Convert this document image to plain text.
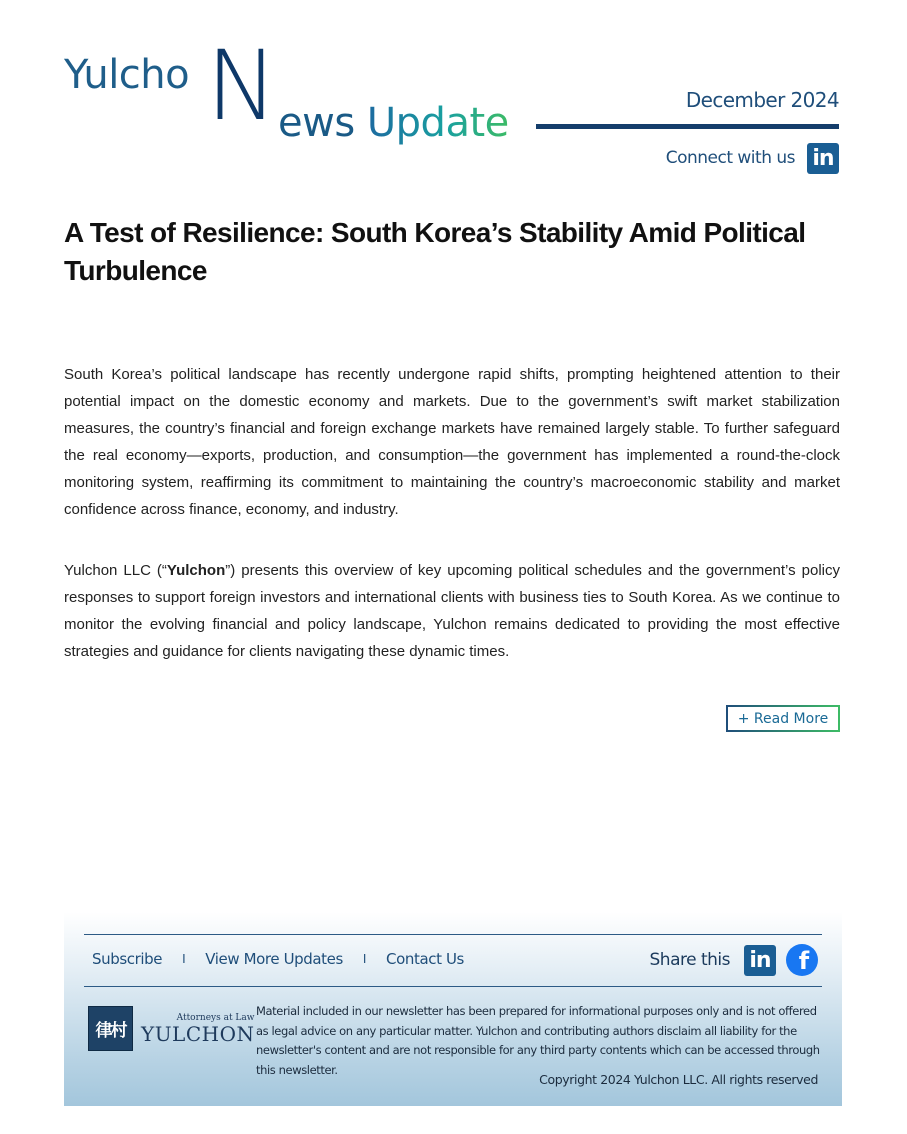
Yulcho N ews Update	December 2024
Connect with us in
A Test of Resilience: South Korea’s Stability Amid Political Turbulence

South Korea’s political landscape has recently undergone rapid shifts, prompting heightened attention to their potential impact on the domestic economy and markets. Due to the government’s swift market stabilization measures, the country’s financial and foreign exchange markets have remained largely stable. To further safeguard the real economy—exports, production, and consumption—the government has implemented a round-the-clock monitoring system, reaffirming its commitment to maintaining the country’s macroeconomic stability and market confidence across finance, economy, and industry.

Yulchon LLC (“Yulchon”) presents this overview of key upcoming political schedules and the government’s policy responses to support foreign investors and international clients with business ties to South Korea. As we continue to monitor the evolving financial and policy landscape, Yulchon remains dedicated to providing the most effective strategies and guidance for clients navigating these dynamic times.

+ Read More
Subscribe I View More Updates I Contact Us	Share this in f
律村
Attorneys at Law
YULCHON

Material included in our newsletter has been prepared for informational purposes only and is not offered as legal advice on any particular matter. Yulchon and contributing authors disclaim all liability for the newsletter's content and are not responsible for any third party contents which can be accessed through this newsletter.

Copyright 2024 Yulchon LLC. All rights reserved
